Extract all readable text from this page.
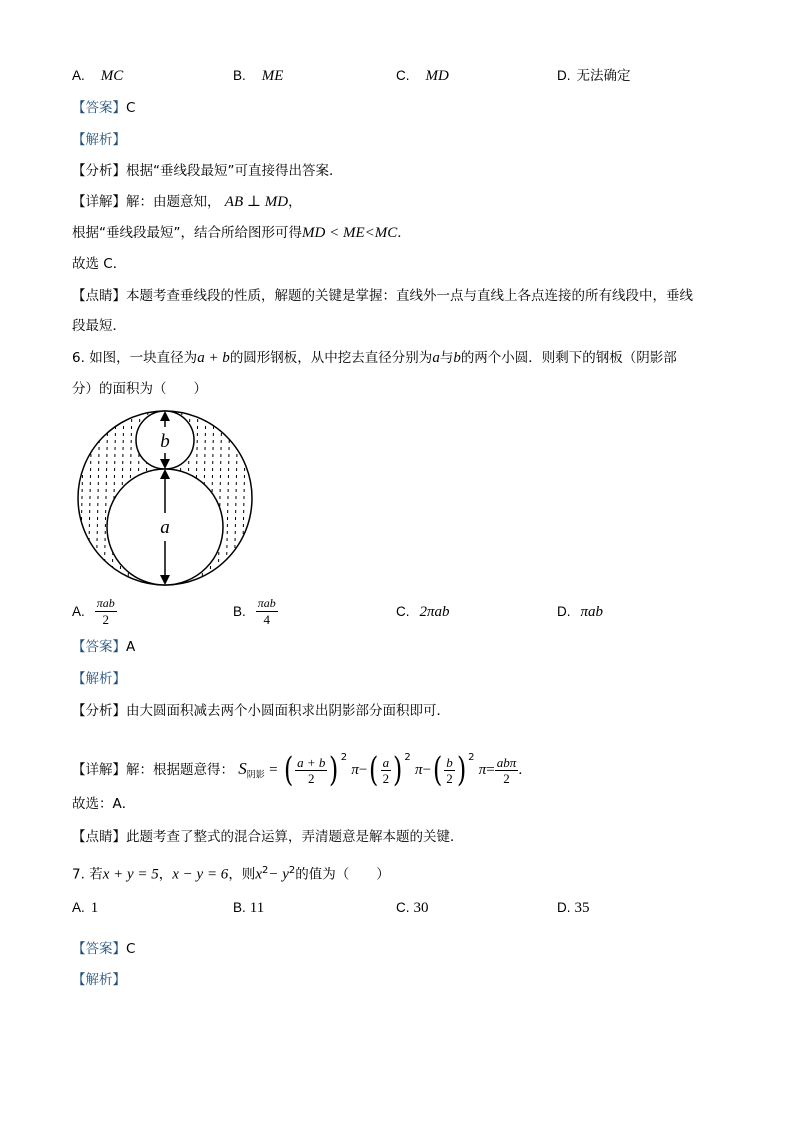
A. MC	B. ME	C. MD	D. 无法确定
【答案】C
【解析】
【分析】根据“垂线段最短”可直接得出答案．
【详解】解：由题意知， AB ⊥ MD，
根据“垂线段最短”，结合所给图形可得MD < ME<MC．
故选 C．
【点睛】本题考查垂线段的性质，解题的关键是掌握：直线外一点与直线上各点连接的所有线段中，垂线
段最短．
6. 如图，一块直径为a + b的圆形钢板，从中挖去直径分别为a与b的两个小圆．则剩下的钢板（阴影部
分）的面积为（　　）
b
a
A. $\frac{\text{πab}}{2}$	B. $\frac{\text{πab}}{4}$	C. 2πab	D. πab
【答案】A
【解析】
【分析】由大圆面积减去两个小圆面积求出阴影部分面积即可．
【详解】解：根据题意得： $S_{阴影}$ = ( $\frac{a + b}{2}$ ) $^2$ $\pi-( \frac{a}{2}$ ) $^2$ $\pi-( \frac{b}{2}$ ) $^2$ $\pi= \frac{\text{abπ}}{2}$ ．
故选：A．
【点睛】此题考查了整式的混合运算，弄清题意是解本题的关键．
7. 若x + y = 5，x − y = 6，则$x^2- y^2$的值为（　　）
A. 1	B. 11	C. 30	D. 35
【答案】C
【解析】
